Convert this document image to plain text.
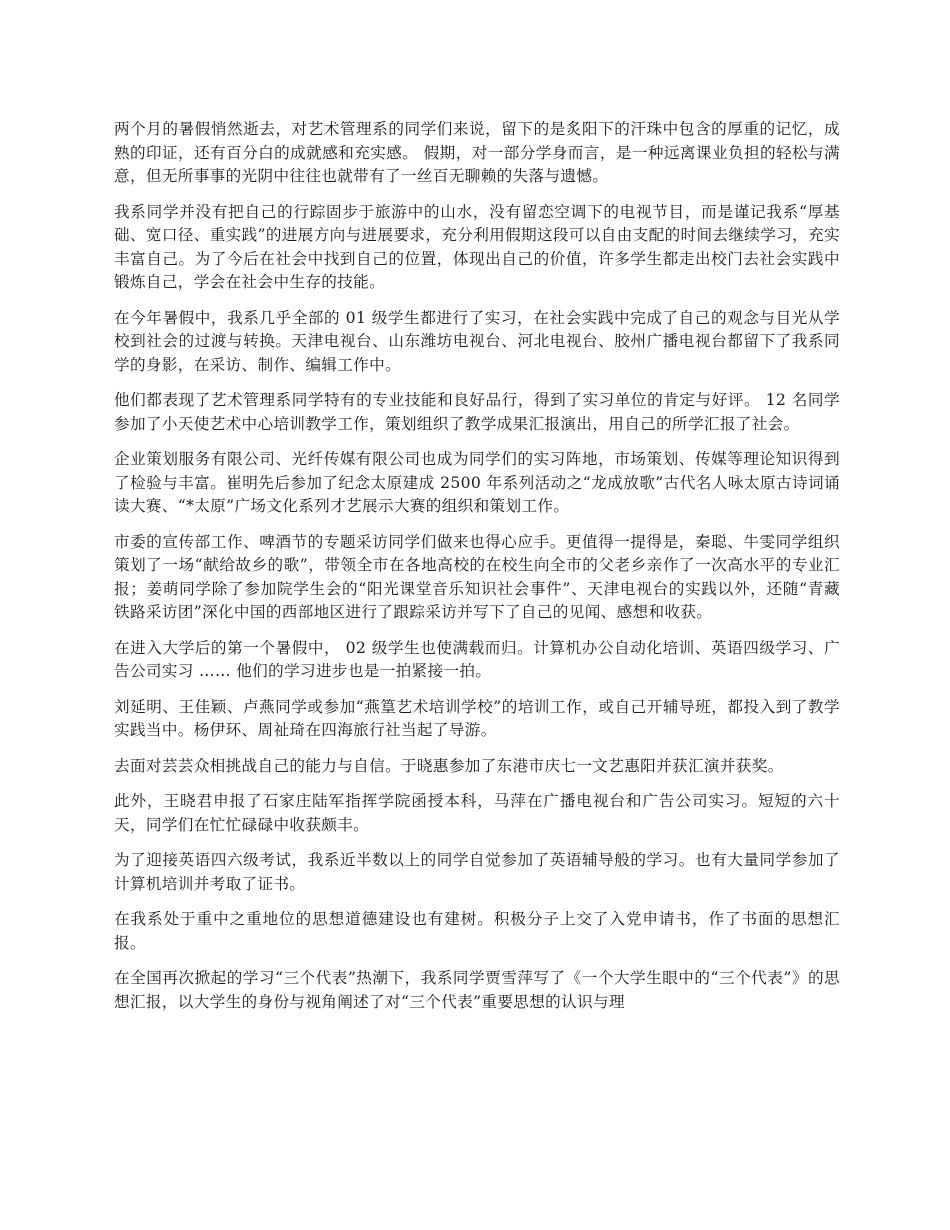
两个月的暑假悄然逝去，对艺术管理系的同学们来说，留下的是炙阳下的汗珠中包含的厚重的记忆，成熟的印证，还有百分白的成就感和充实感。 假期，对一部分学身而言，是一种远离课业负担的轻松与满意，但无所事事的光阴中往往也就带有了一丝百无聊赖的失落与遗憾。

我系同学并没有把自己的行踪固步于旅游中的山水，没有留恋空调下的电视节目，而是谨记我系“厚基础、宽口径、重实践”的进展方向与进展要求，充分利用假期这段可以自由支配的时间去继续学习，充实丰富自己。为了今后在社会中找到自己的位置，体现出自己的价值，许多学生都走出校门去社会实践中锻炼自己，学会在社会中生存的技能。

在今年暑假中，我系几乎全部的 01 级学生都进行了实习，在社会实践中完成了自己的观念与目光从学校到社会的过渡与转换。天津电视台、山东潍坊电视台、河北电视台、胶州广播电视台都留下了我系同学的身影，在采访、制作、编辑工作中。

他们都表现了艺术管理系同学特有的专业技能和良好品行，得到了实习单位的肯定与好评。 12 名同学参加了小天使艺术中心培训教学工作，策划组织了教学成果汇报演出，用自己的所学汇报了社会。

企业策划服务有限公司、光纤传媒有限公司也成为同学们的实习阵地，市场策划、传媒等理论知识得到了检验与丰富。崔明先后参加了纪念太原建成 2500 年系列活动之“龙成放歌”古代名人咏太原古诗词诵读大赛、“*太原”广场文化系列才艺展示大赛的组织和策划工作。

市委的宣传部工作、啤酒节的专题采访同学们做来也得心应手。更值得一提得是，秦聪、牛雯同学组织策划了一场“献给故乡的歌”，带领全市在各地高校的在校生向全市的父老乡亲作了一次高水平的专业汇报；姜萌同学除了参加院学生会的“阳光课堂音乐知识社会事件”、天津电视台的实践以外，还随“青藏铁路采访团”深化中国的西部地区进行了跟踪采访并写下了自己的见闻、感想和收获。

在进入大学后的第一个暑假中， 02 级学生也使满载而归。计算机办公自动化培训、英语四级学习、广告公司实习 …… 他们的学习进步也是一拍紧接一拍。

刘延明、王佳颖、卢燕同学或参加“燕篁艺术培训学校”的培训工作，或自己开辅导班，都投入到了教学实践当中。杨伊环、周祉琦在四海旅行社当起了导游。

去面对芸芸众相挑战自己的能力与自信。于晓惠参加了东港市庆七一文艺惠阳并获汇演并获奖。

此外，王晓君申报了石家庄陆军指挥学院函授本科，马萍在广播电视台和广告公司实习。短短的六十天，同学们在忙忙碌碌中收获颇丰。

为了迎接英语四六级考试，我系近半数以上的同学自觉参加了英语辅导般的学习。也有大量同学参加了计算机培训并考取了证书。

在我系处于重中之重地位的思想道德建设也有建树。积极分子上交了入党申请书，作了书面的思想汇报。

在全国再次掀起的学习“三个代表”热潮下，我系同学贾雪萍写了《一个大学生眼中的“三个代表”》的思想汇报，以大学生的身份与视角阐述了对“三个代表”重要思想的认识与理
